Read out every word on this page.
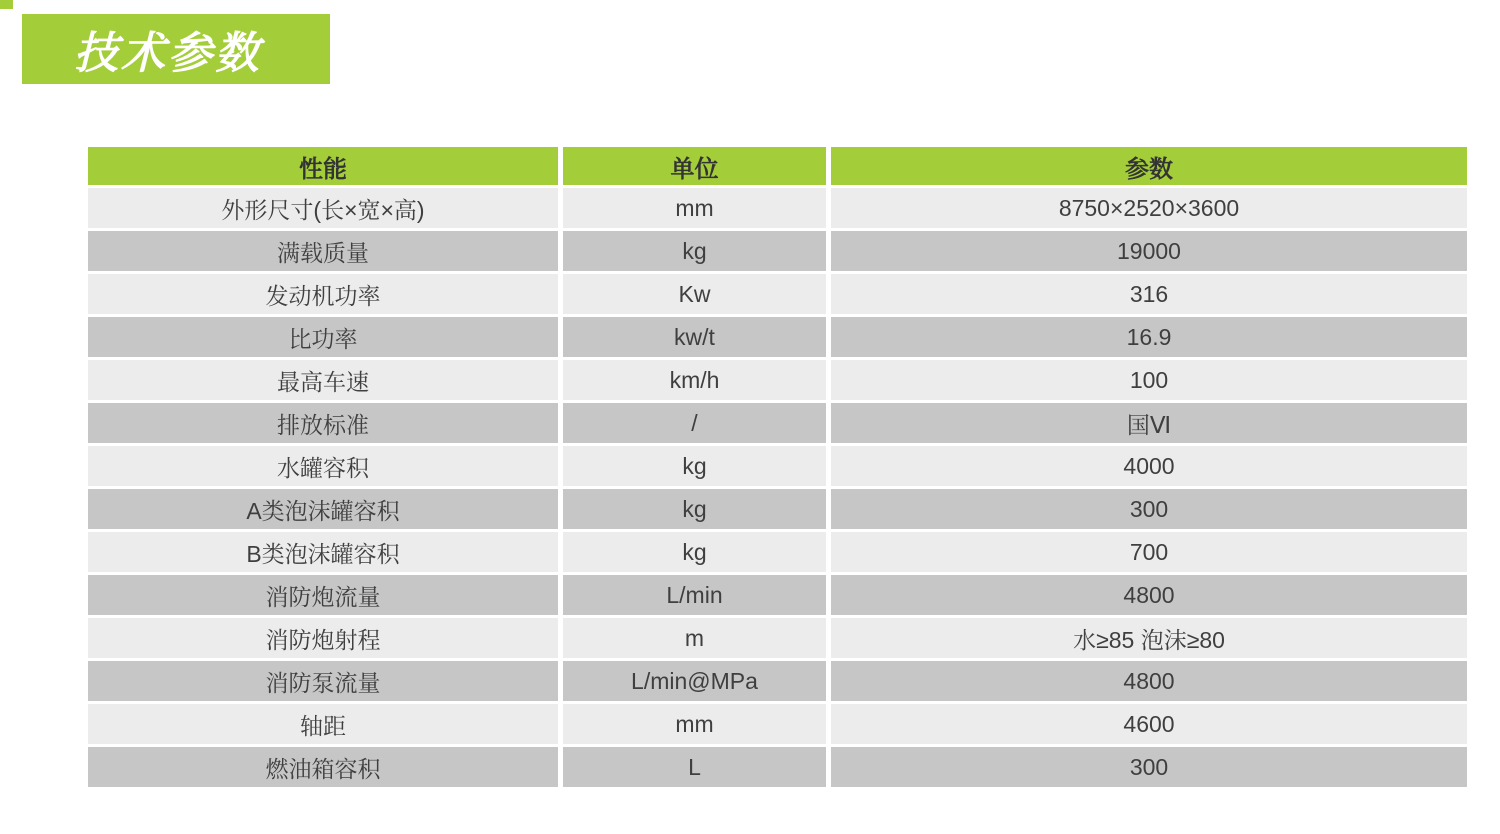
技术参数
性能	单位	参数
外形尺寸(长×宽×高)	mm	8750×2520×3600
满载质量	kg	19000
发动机功率	Kw	316
比功率	kw/t	16.9
最高车速	km/h	100
排放标准	/	国Ⅵ
水罐容积	kg	4000
A类泡沫罐容积	kg	300
B类泡沫罐容积	kg	700
消防炮流量	L/min	4800
消防炮射程	m	水≥85 泡沫≥80
消防泵流量	L/min@MPa	4800
轴距	mm	4600
燃油箱容积	L	300
